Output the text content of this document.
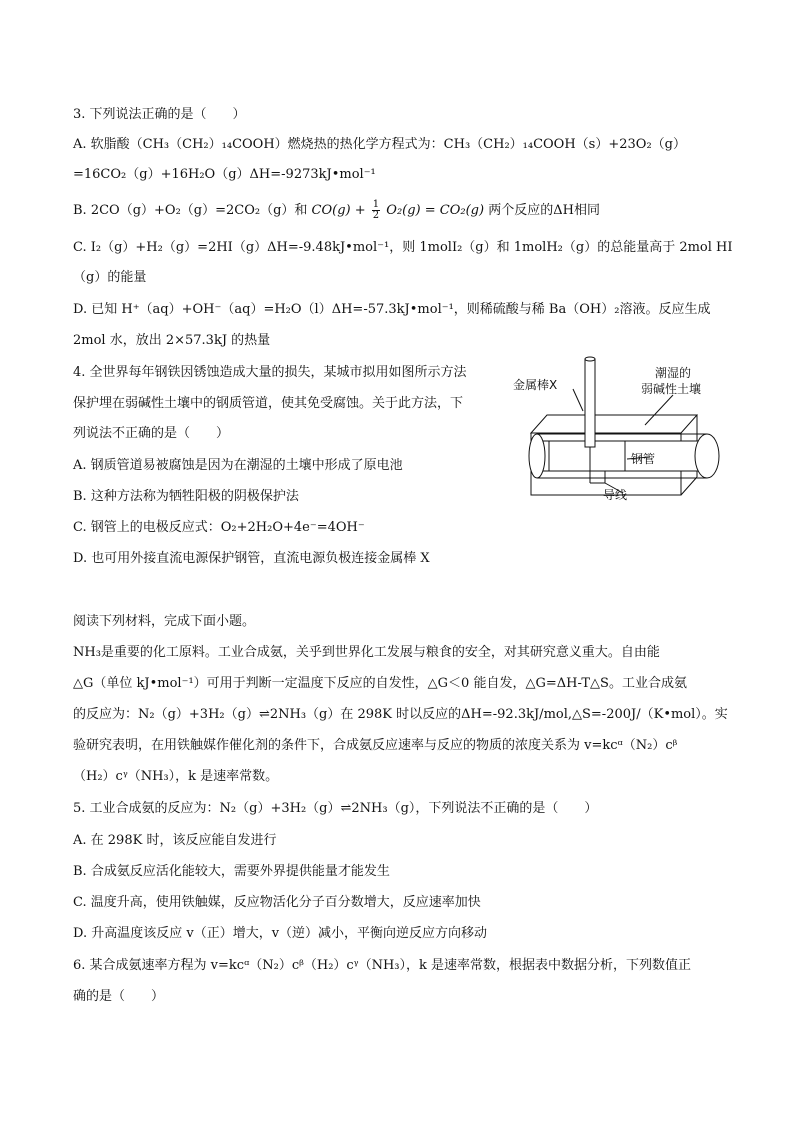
3. 下列说法正确的是（　　）
A. 软脂酸（CH₃（CH₂）₁₄COOH）燃烧热的热化学方程式为：CH₃（CH₂）₁₄COOH（s）+23O₂（g）
=16CO₂（g）+16H₂O（g）ΔH=-9273kJ•mol⁻¹
B. 2CO（g）+O₂（g）=2CO₂（g）和 $CO(g) + \frac{1}{2} O_2(g) = CO_2(g)$ 两个反应的ΔH相同
C. I₂（g）+H₂（g）=2HI（g）ΔH=-9.48kJ•mol⁻¹，则 1molI₂（g）和 1molH₂（g）的总能量高于 2mol HI
（g）的能量
D. 已知 H⁺（aq）+OH⁻（aq）=H₂O（l）ΔH=-57.3kJ•mol⁻¹，则稀硫酸与稀 Ba（OH）₂溶液。反应生成
2mol 水，放出 2×57.3kJ 的热量
4. 全世界每年钢铁因锈蚀造成大量的损失，某城市拟用如图所示方法
保护埋在弱碱性土壤中的钢质管道，使其免受腐蚀。关于此方法，下
列说法不正确的是（　　）
A. 钢质管道易被腐蚀是因为在潮湿的土壤中形成了原电池
B. 这种方法称为牺牲阳极的阴极保护法
C. 钢管上的电极反应式：O₂+2H₂O+4e⁻=4OH⁻
D. 也可用外接直流电源保护钢管，直流电源负极连接金属棒 X
金属棒X
潮湿的
弱碱性土壤
钢管
导线
阅读下列材料，完成下面小题。
NH₃是重要的化工原料。工业合成氨，关乎到世界化工发展与粮食的安全，对其研究意义重大。自由能
△G（单位 kJ•mol⁻¹）可用于判断一定温度下反应的自发性，△G＜0 能自发，△G=ΔH-T△S。工业合成氨
的反应为：N₂（g）+3H₂（g）⇌2NH₃（g）在 298K 时以反应的ΔH=-92.3kJ/mol,△S=-200J/（K•mol）。实
验研究表明，在用铁触媒作催化剂的条件下，合成氨反应速率与反应的物质的浓度关系为 v=kcᵅ（N₂）cᵝ
（H₂）cᵞ（NH₃），k 是速率常数。
5. 工业合成氨的反应为：N₂（g）+3H₂（g）⇌2NH₃（g），下列说法不正确的是（　　）
A. 在 298K 时，该反应能自发进行
B. 合成氨反应活化能较大，需要外界提供能量才能发生
C. 温度升高，使用铁触媒，反应物活化分子百分数增大，反应速率加快
D. 升高温度该反应 v（正）增大，v（逆）减小，平衡向逆反应方向移动
6. 某合成氨速率方程为 v=kcᵅ（N₂）cᵝ（H₂）cᵞ（NH₃），k 是速率常数，根据表中数据分析，下列数值正
确的是（　　）
